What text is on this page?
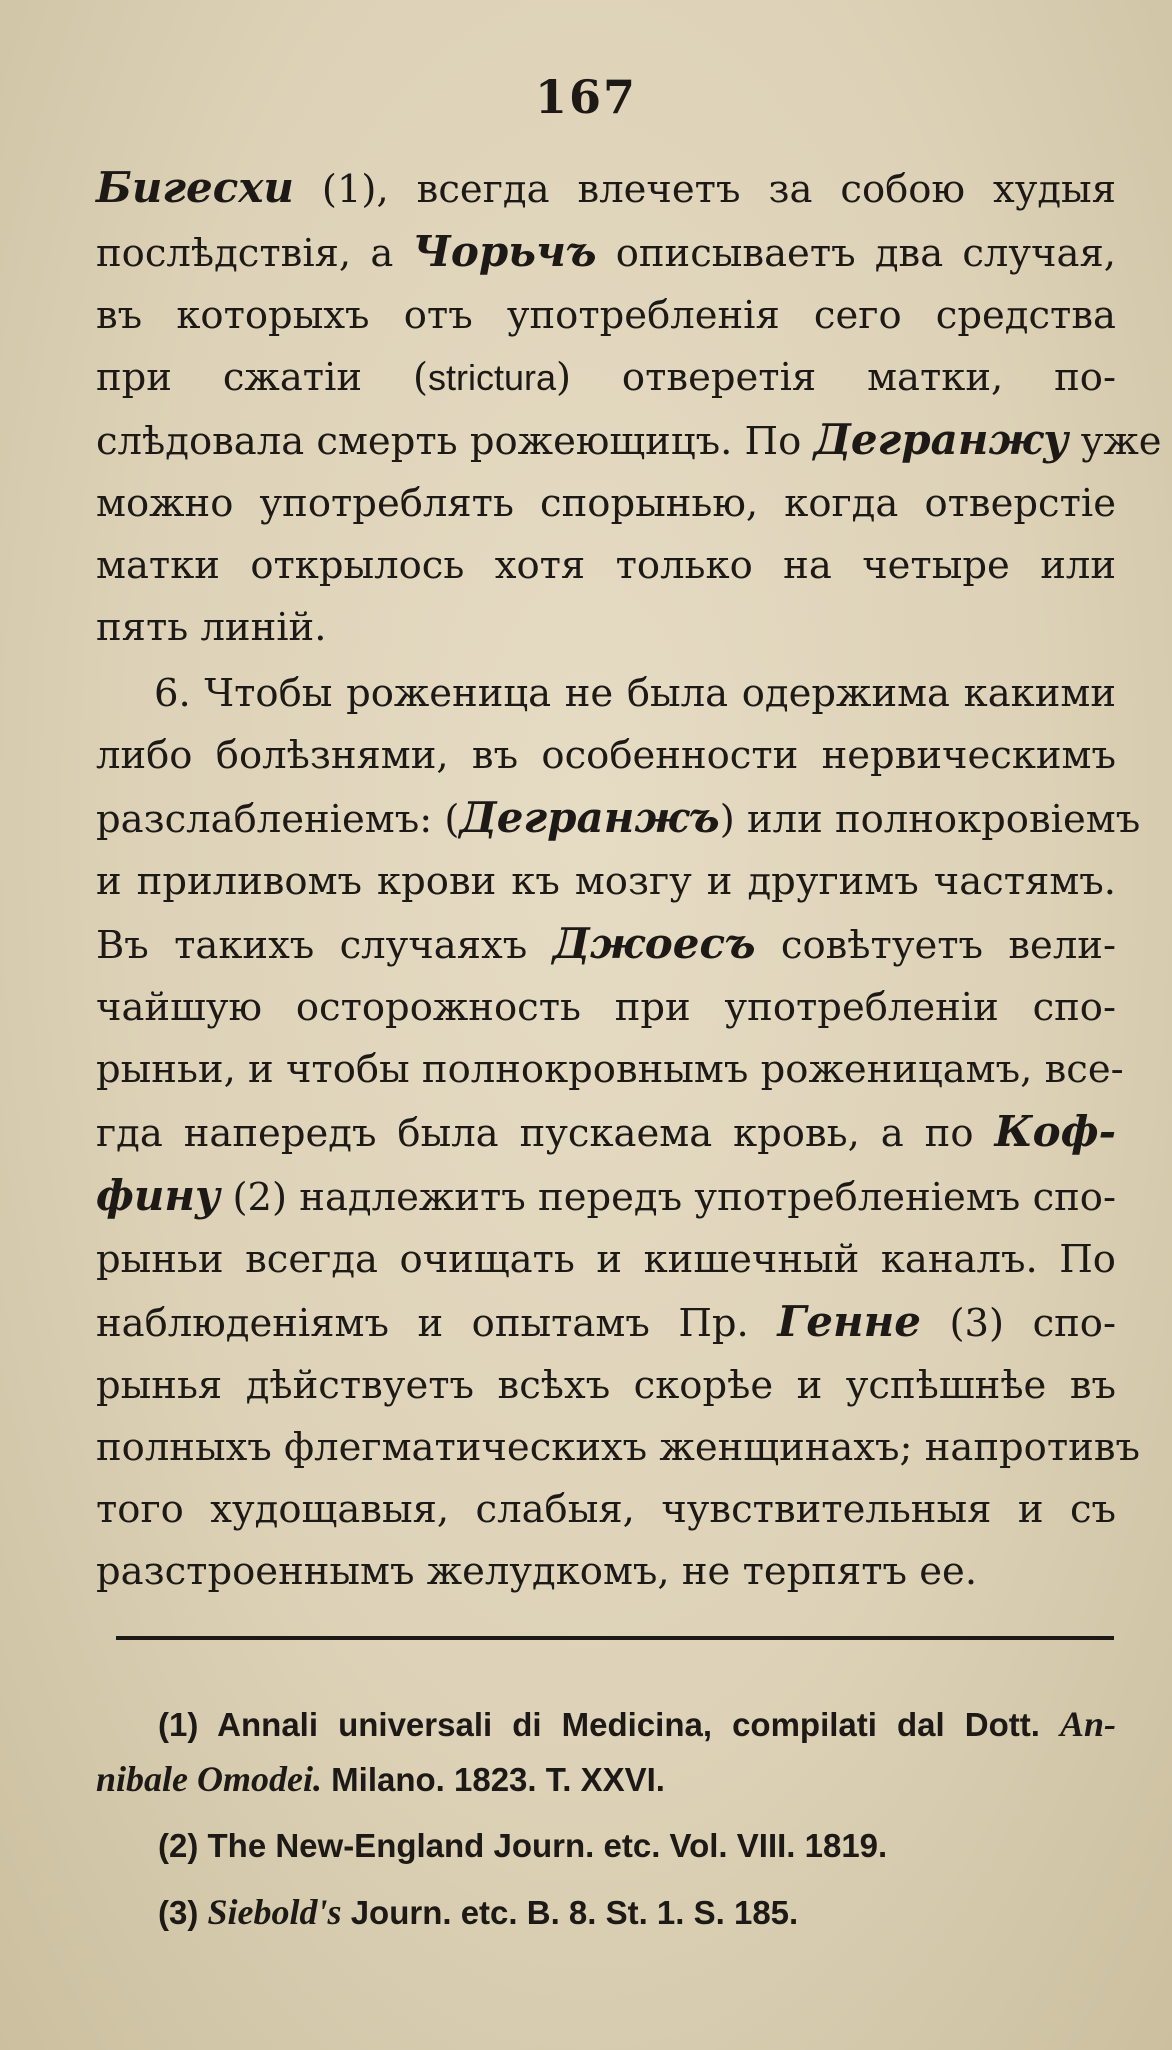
167
Бигесхи (1), всегда влечетъ за собою худыя
послѣдствія, а Чорьчъ описываетъ два случая,
въ которыхъ отъ употребленія сего средства
при сжатіи (strictura) отверетія матки, по-
слѣдовала смерть рожеющицъ. По Дегранжу уже
можно употреблять спорынью, когда отверстіе
матки открылось хотя только на четыре или
пять линій.
6. Чтобы роженица не была одержима какими
либо болѣзнями, въ особенности нервическимъ
разслабленіемъ: (Дегранжъ) или полнокровіемъ
и приливомъ крови къ мозгу и другимъ частямъ.
Въ такихъ случаяхъ Джоесъ совѣтуетъ вели-
чайшую осторожность при употребленіи спо-
рыньи, и чтобы полнокровнымъ роженицамъ, все-
гда напередъ была пускаема кровь, а по Коф-
фину (2) надлежитъ передъ употребленіемъ спо-
рыньи всегда очищать и кишечный каналъ. По
наблюденіямъ и опытамъ Пр. Генне (3) спо-
рынья дѣйствуетъ всѣхъ скорѣе и успѣшнѣе въ
полныхъ флегматическихъ женщинахъ; напротивъ
того худощавыя, слабыя, чувствительныя и съ
разстроеннымъ желудкомъ, не терпятъ ее.
(1) Annali universali di Medicina, compilati dal Dott. An-
nibale Omodei. Milano. 1823. T. XXVI.
(2) The New-England Journ. etc. Vol. VIII. 1819.
(3) Siebold's Journ. etc. B. 8. St. 1. S. 185.
